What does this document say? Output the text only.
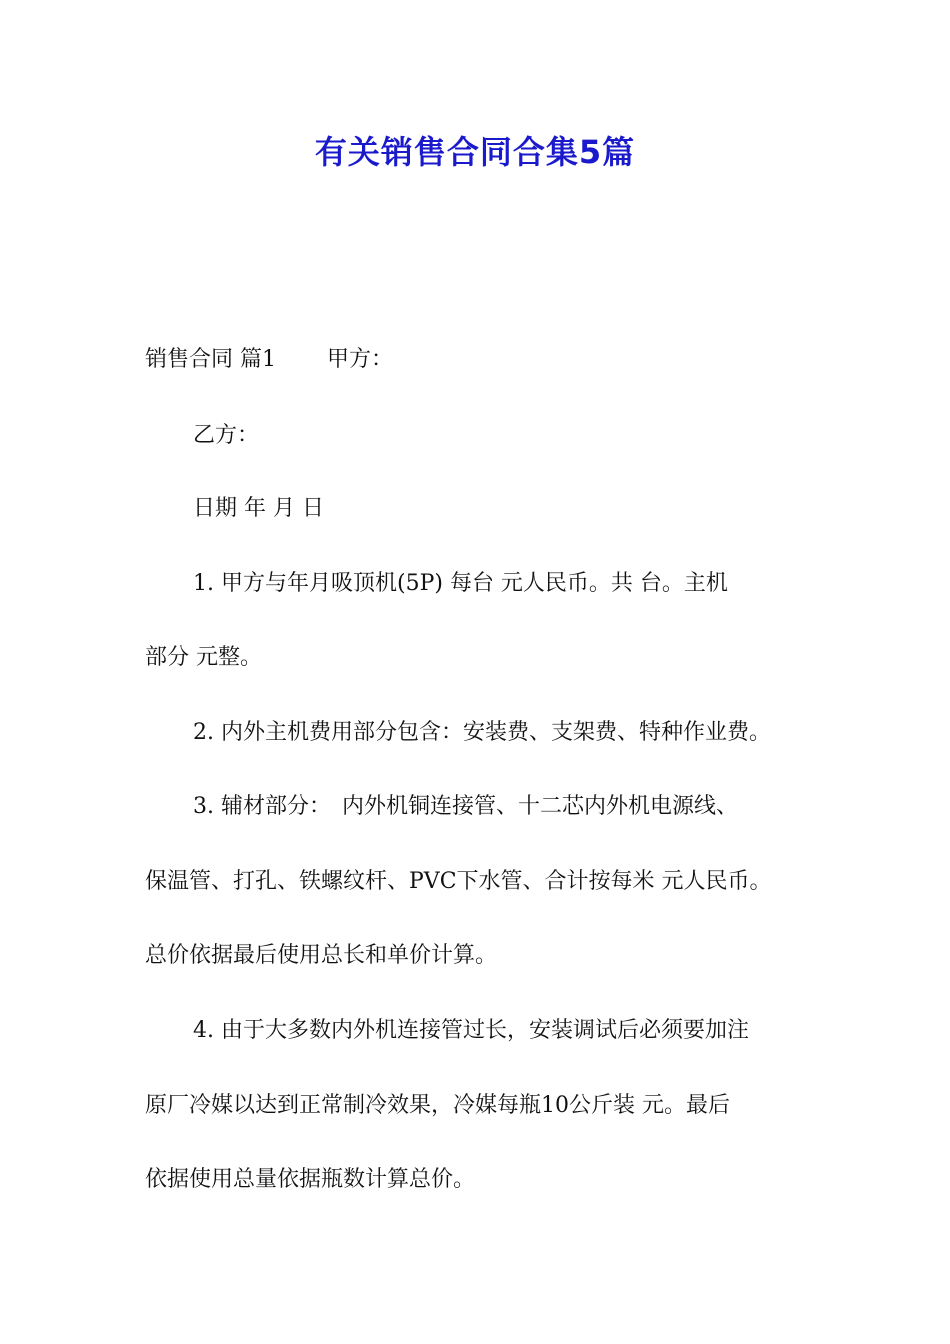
有关销售合同合集5篇
销售合同 篇1　　 甲方：
乙方：
日期 年 月 日
1. 甲方与年月吸顶机(5P) 每台 元人民币。共 台。主机
部分 元整。
2. 内外主机费用部分包含：安装费、支架费、特种作业费。
3. 辅材部分：　内外机铜连接管、十二芯内外机电源线、
保温管、打孔、铁螺纹杆、PVC下水管、合计按每米 元人民币。
总价依据最后使用总长和单价计算。
4. 由于大多数内外机连接管过长，安装调试后必须要加注
原厂冷媒以达到正常制冷效果，冷媒每瓶10公斤装 元。最后
依据使用总量依据瓶数计算总价。
